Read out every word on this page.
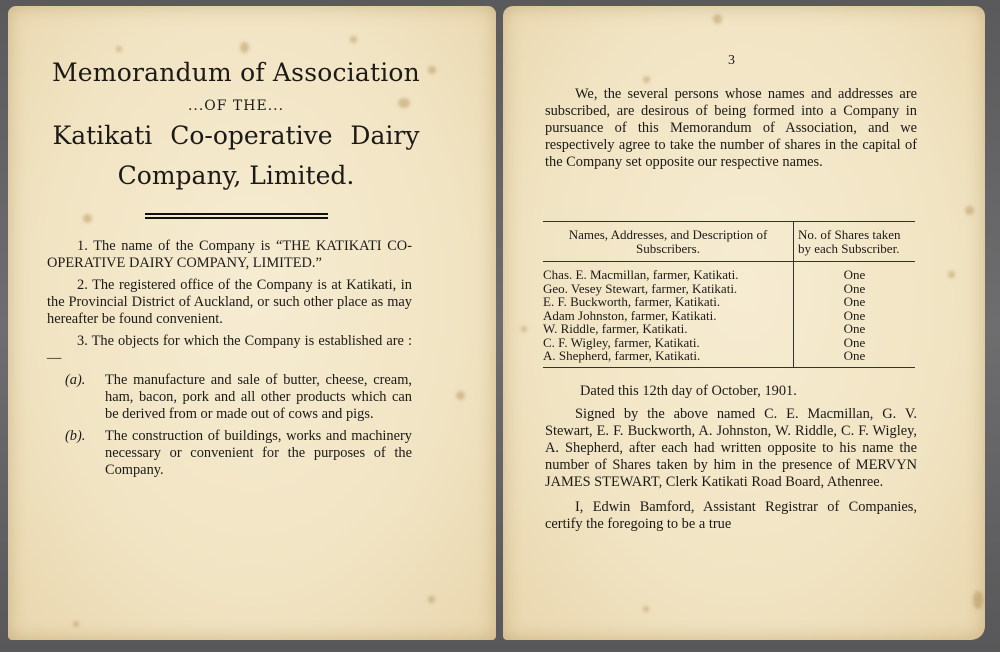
Memorandum of Association
...OF THE...
Katikati Co-operative Dairy
Company, Limited.

1. The name of the Company is “THE KATIKATI CO-OPERATIVE DAIRY COMPANY, LIMITED.”

2. The registered office of the Company is at Katikati, in the Provincial District of Auckland, or such other place as may hereafter be found convenient.

3. The objects for which the Company is established are :—

(a). The manufacture and sale of butter, cheese, cream, ham, bacon, pork and all other products which can be derived from or made out of cows and pigs.
(b). The construction of buildings, works and machinery necessary or convenient for the purposes of the Company.
3

We, the several persons whose names and addresses are subscribed, are desirous of being formed into a Company in pursuance of this Memorandum of Association, and we respectively agree to take the number of shares in the capital of the Company set opposite our respective names.

Names, Addresses, and Description of Subscribers.
No. of Shares taken by each Subscriber.
Chas. E. Macmillan, farmer, Katikati.
Geo. Vesey Stewart, farmer, Katikati.
E. F. Buckworth, farmer, Katikati.
Adam Johnston, farmer, Katikati.
W. Riddle, farmer, Katikati.
C. F. Wigley, farmer, Katikati.
A. Shepherd, farmer, Katikati.
One
One
One
One
One
One
One

Dated this 12th day of October, 1901.

Signed by the above named C. E. Macmillan, G. V. Stewart, E. F. Buckworth, A. Johnston, W. Riddle, C. F. Wigley, A. Shepherd, after each had written opposite to his name the number of Shares taken by him in the presence of MERVYN JAMES STEWART, Clerk Katikati Road Board, Athenree.

I, Edwin Bamford, Assistant Registrar of Companies, certify the foregoing to be a true
